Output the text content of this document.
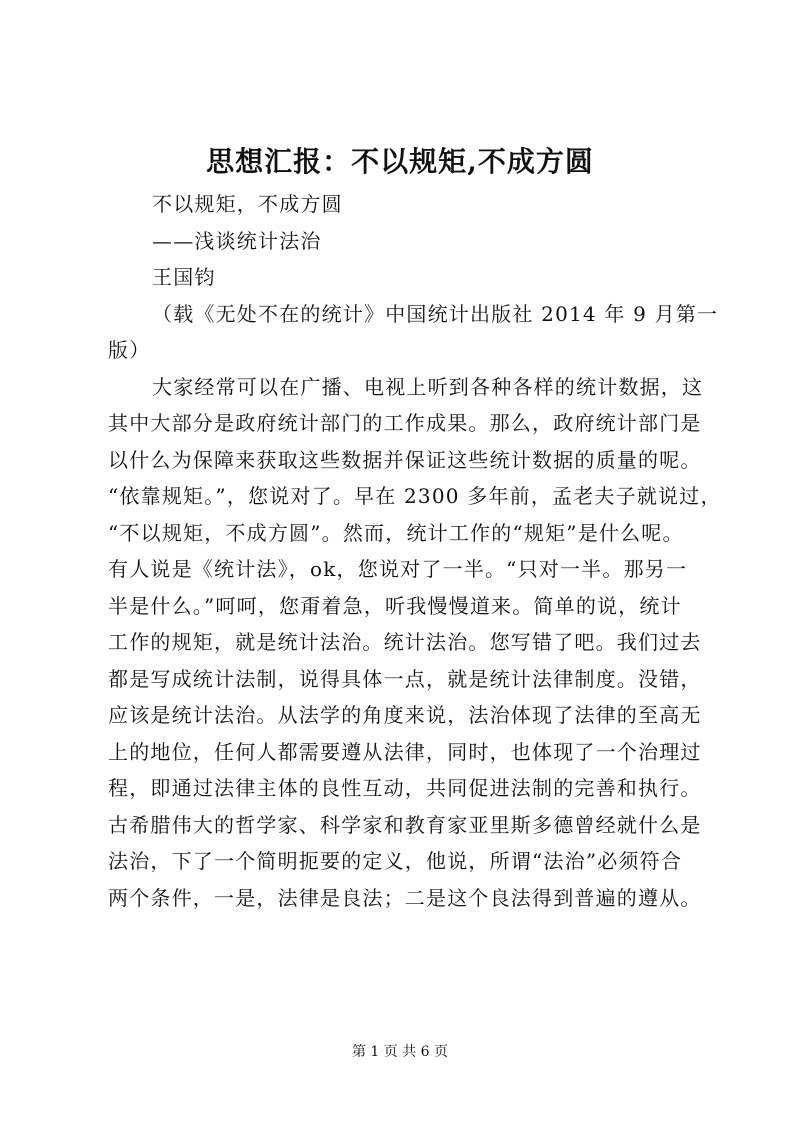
思想汇报：不以规矩,不成方圆
不以规矩，不成方圆
——浅谈统计法治
王国钧
（载《无处不在的统计》中国统计出版社 2014 年 9 月第一
版）
大家经常可以在广播、电视上听到各种各样的统计数据，这
其中大部分是政府统计部门的工作成果。那么，政府统计部门是
以什么为保障来获取这些数据并保证这些统计数据的质量的呢。
“依靠规矩。”，您说对了。早在 2300 多年前，孟老夫子就说过，
“不以规矩，不成方圆”。然而，统计工作的“规矩”是什么呢。
有人说是《统计法》，ok，您说对了一半。“只对一半。那另一
半是什么。”呵呵，您甭着急，听我慢慢道来。简单的说，统计
工作的规矩，就是统计法治。统计法治。您写错了吧。我们过去
都是写成统计法制，说得具体一点，就是统计法律制度。没错，
应该是统计法治。从法学的角度来说，法治体现了法律的至高无
上的地位，任何人都需要遵从法律，同时，也体现了一个治理过
程，即通过法律主体的良性互动，共同促进法制的完善和执行。
古希腊伟大的哲学家、科学家和教育家亚里斯多德曾经就什么是
法治，下了一个简明扼要的定义，他说，所谓“法治”必须符合
两个条件，一是，法律是良法；二是这个良法得到普遍的遵从。
第 1 页 共 6 页
